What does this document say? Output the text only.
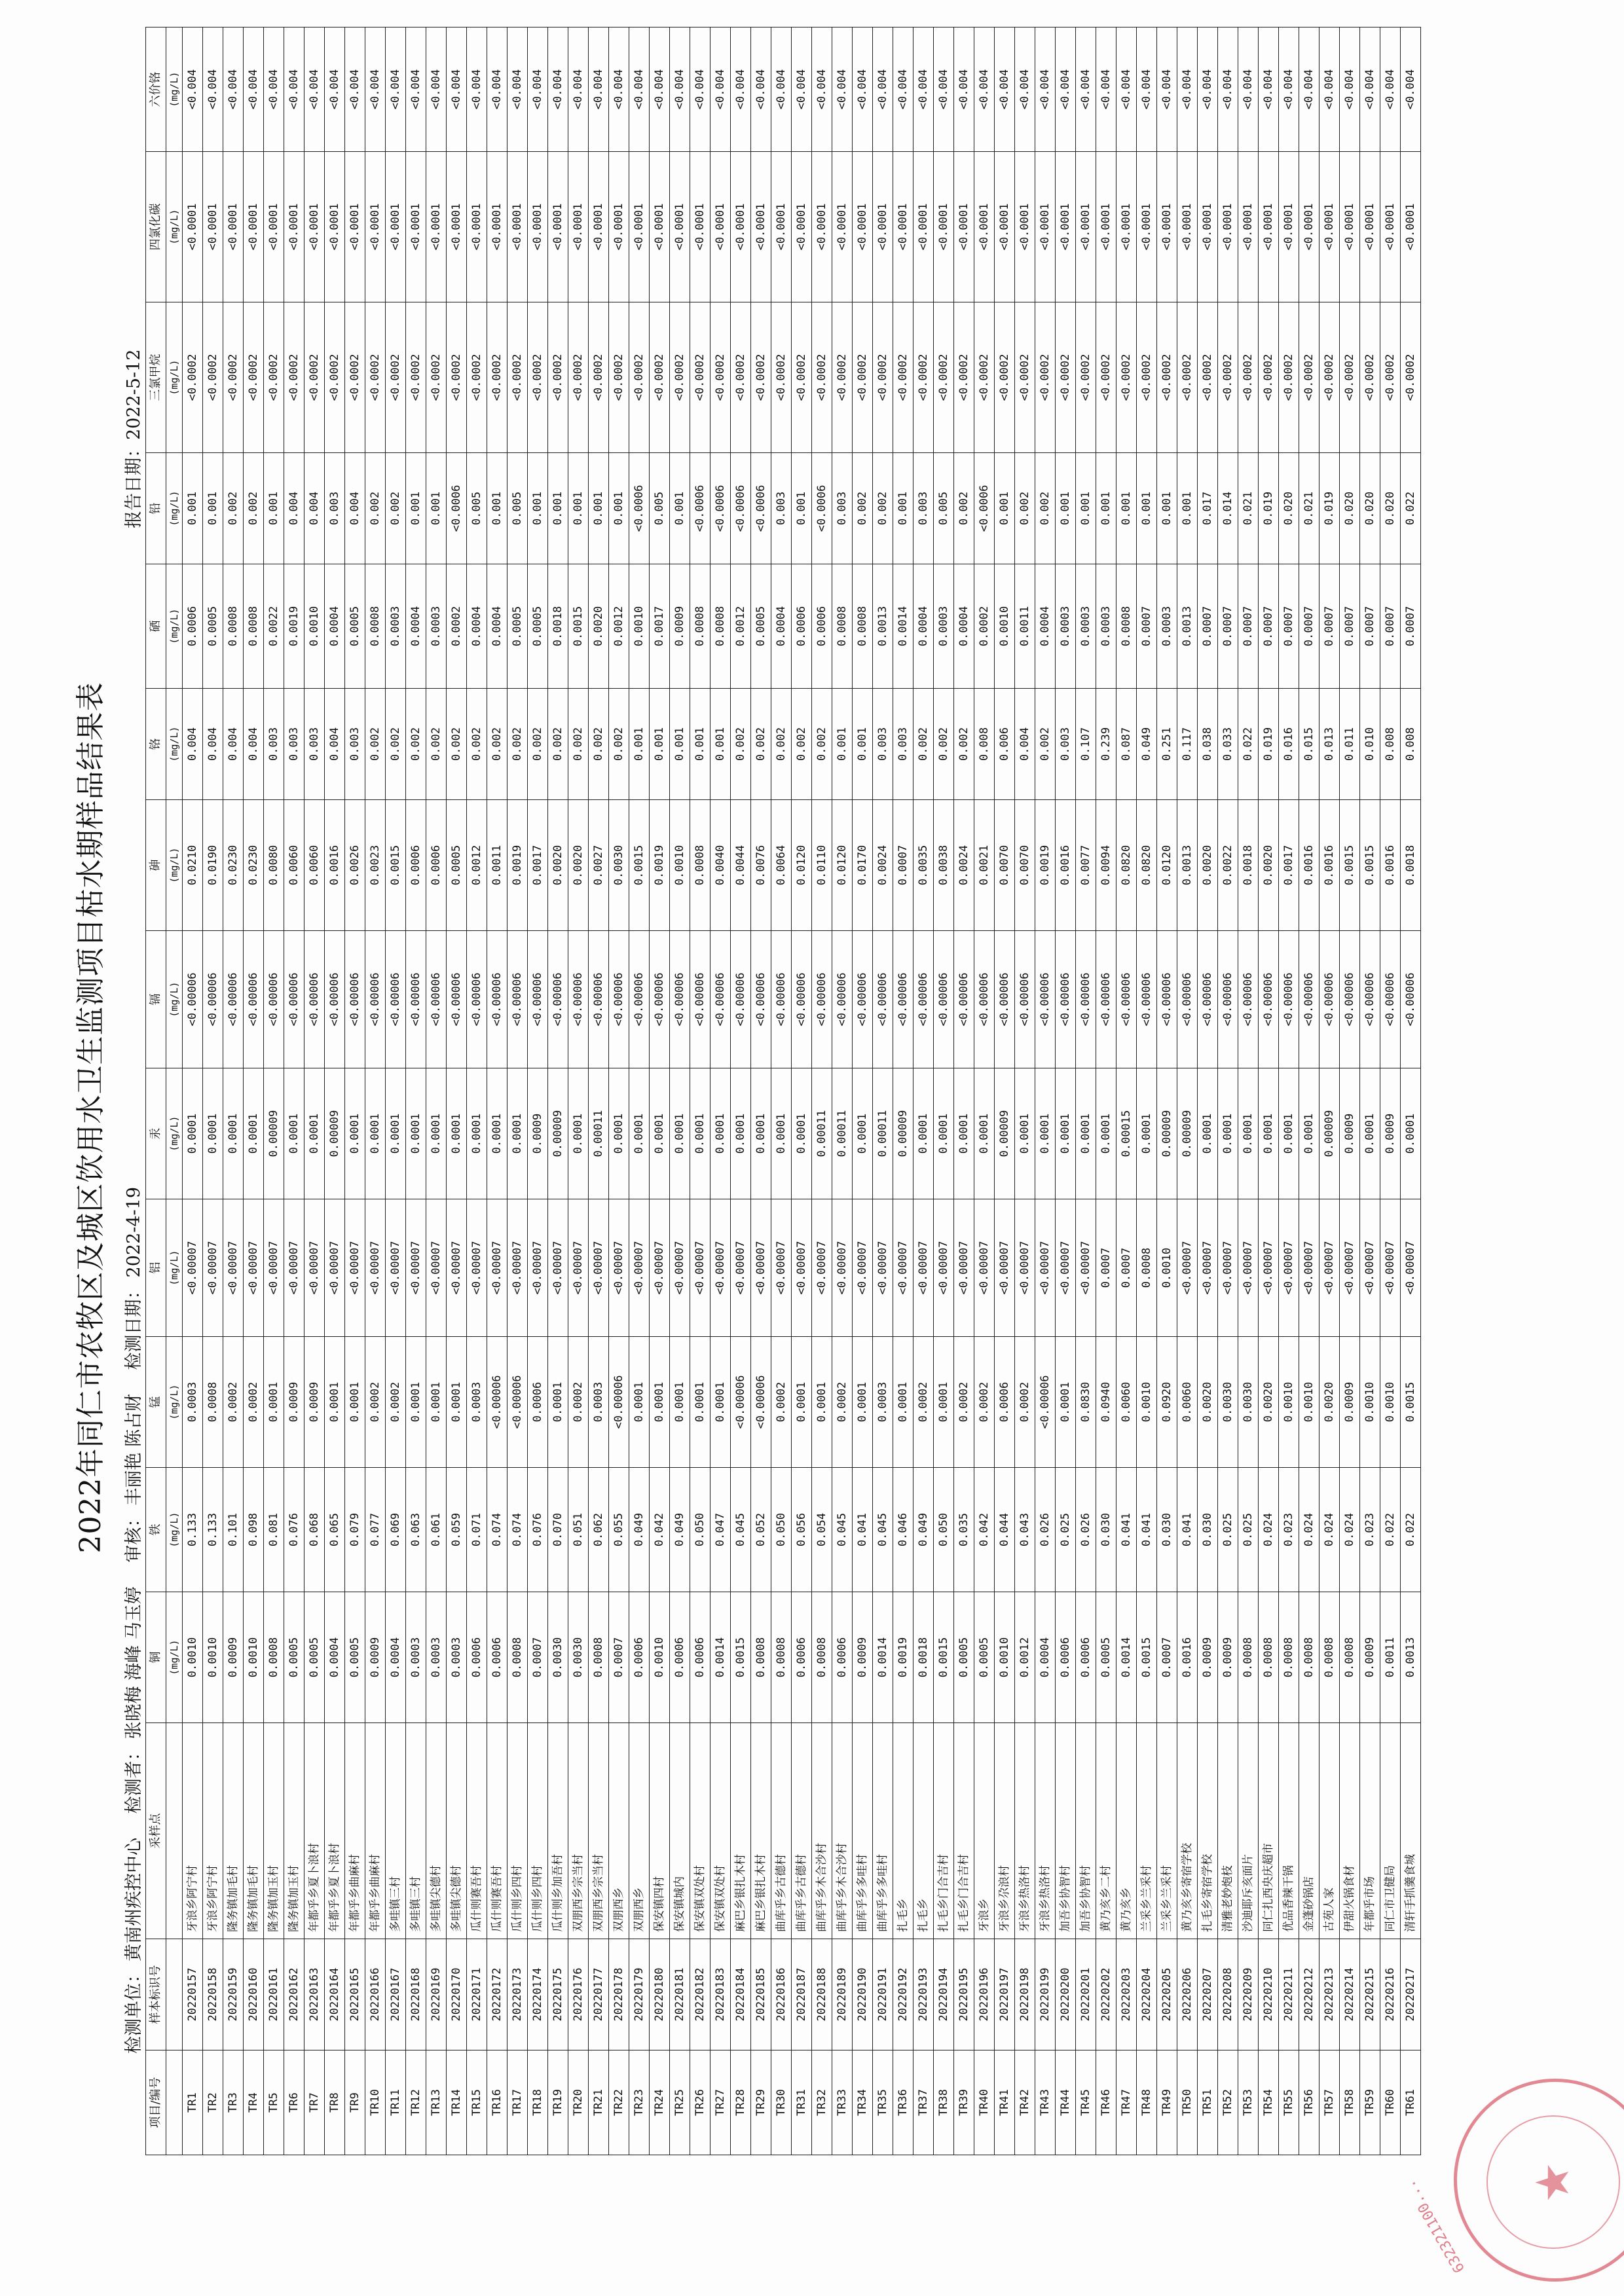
2022年同仁市农牧区及城区饮用水卫生监测项目枯水期样品结果表
检测单位：黄南州疾控中心 检测者：张晓梅 海峰 马玉婷 审核：丰丽艳 陈占财 检测日期：2022-4-19
报告日期：2022-5-12
项目/编号	样本标识号	采样点	铜	铁	锰	铝	汞	镉	砷	铬	硒	铅	三氯甲烷	四氯化碳	六价铬
			(mg/L)	(mg/L)	(mg/L)	(mg/L)	(mg/L)	(mg/L)	(mg/L)	(mg/L)	(mg/L)	(mg/L)	(mg/L)	(mg/L)	(mg/L)
TR1	20220157	牙浪乡阿宁村	0.0010	0.133	0.0003	<0.00007	0.0001	<0.00006	0.0210	0.004	0.0006	0.001	<0.0002	<0.0001	<0.004
TR2	20220158	牙浪乡阿宁村	0.0010	0.133	0.0008	<0.00007	0.0001	<0.00006	0.0190	0.004	0.0005	0.001	<0.0002	<0.0001	<0.004
TR3	20220159	隆务镇加毛村	0.0009	0.101	0.0002	<0.00007	0.0001	<0.00006	0.0230	0.004	0.0008	0.002	<0.0002	<0.0001	<0.004
TR4	20220160	隆务镇加毛村	0.0010	0.098	0.0002	<0.00007	0.0001	<0.00006	0.0230	0.004	0.0008	0.002	<0.0002	<0.0001	<0.004
TR5	20220161	隆务镇加玉村	0.0008	0.081	0.0001	<0.00007	0.00009	<0.00006	0.0080	0.003	0.0022	0.001	<0.0002	<0.0001	<0.004
TR6	20220162	隆务镇加玉村	0.0005	0.076	0.0009	<0.00007	0.0001	<0.00006	0.0060	0.003	0.0019	0.004	<0.0002	<0.0001	<0.004
TR7	20220163	年都乎乡夏卜浪村	0.0005	0.068	0.0009	<0.00007	0.0001	<0.00006	0.0060	0.003	0.0010	0.004	<0.0002	<0.0001	<0.004
TR8	20220164	年都乎乡夏卜浪村	0.0004	0.065	0.0001	<0.00007	0.00009	<0.00006	0.0016	0.004	0.0004	0.003	<0.0002	<0.0001	<0.004
TR9	20220165	年都乎乡曲麻村	0.0005	0.079	0.0001	<0.00007	0.0001	<0.00006	0.0026	0.003	0.0005	0.004	<0.0002	<0.0001	<0.004
TR10	20220166	年都乎乡曲麻村	0.0009	0.077	0.0002	<0.00007	0.0001	<0.00006	0.0023	0.002	0.0008	0.002	<0.0002	<0.0001	<0.004
TR11	20220167	多哇镇三村	0.0004	0.069	0.0002	<0.00007	0.0001	<0.00006	0.0015	0.002	0.0003	0.002	<0.0002	<0.0001	<0.004
TR12	20220168	多哇镇三村	0.0003	0.063	0.0001	<0.00007	0.0001	<0.00006	0.0006	0.002	0.0004	0.001	<0.0002	<0.0001	<0.004
TR13	20220169	多哇镇尖德村	0.0003	0.061	0.0001	<0.00007	0.0001	<0.00006	0.0006	0.002	0.0003	0.001	<0.0002	<0.0001	<0.004
TR14	20220170	多哇镇尖德村	0.0003	0.059	0.0001	<0.00007	0.0001	<0.00006	0.0005	0.002	0.0002	<0.0006	<0.0002	<0.0001	<0.004
TR15	20220171	瓜什则赛吾村	0.0006	0.071	0.0003	<0.00007	0.0001	<0.00006	0.0012	0.002	0.0004	0.005	<0.0002	<0.0001	<0.004
TR16	20220172	瓜什则赛吾村	0.0006	0.074	<0.00006	<0.00007	0.0001	<0.00006	0.0011	0.002	0.0004	0.001	<0.0002	<0.0001	<0.004
TR17	20220173	瓜什则乡四村	0.0008	0.074	<0.00006	<0.00007	0.0001	<0.00006	0.0019	0.002	0.0005	0.005	<0.0002	<0.0001	<0.004
TR18	20220174	瓜什则乡四村	0.0007	0.076	0.0006	<0.00007	0.0009	<0.00006	0.0017	0.002	0.0005	0.001	<0.0002	<0.0001	<0.004
TR19	20220175	瓜什则乡加吾村	0.0030	0.070	0.0001	<0.00007	0.00009	<0.00006	0.0020	0.002	0.0018	0.001	<0.0002	<0.0001	<0.004
TR20	20220176	双朋西乡宗当村	0.0030	0.051	0.0002	<0.00007	0.0001	<0.00006	0.0020	0.002	0.0015	0.001	<0.0002	<0.0001	<0.004
TR21	20220177	双朋西乡宗当村	0.0008	0.062	0.0003	<0.00007	0.00011	<0.00006	0.0027	0.002	0.0020	0.001	<0.0002	<0.0001	<0.004
TR22	20220178	双朋西乡	0.0007	0.055	<0.00006	<0.00007	0.0001	<0.00006	0.0030	0.002	0.0012	0.001	<0.0002	<0.0001	<0.004
TR23	20220179	双朋西乡	0.0006	0.049	0.0001	<0.00007	0.0001	<0.00006	0.0015	0.001	0.0010	<0.0006	<0.0002	<0.0001	<0.004
TR24	20220180	保安镇四村	0.0010	0.042	0.0001	<0.00007	0.0001	<0.00006	0.0019	0.001	0.0017	0.005	<0.0002	<0.0001	<0.004
TR25	20220181	保安镇城内	0.0006	0.049	0.0001	<0.00007	0.0001	<0.00006	0.0010	0.001	0.0009	0.001	<0.0002	<0.0001	<0.004
TR26	20220182	保安镇双处村	0.0006	0.050	0.0001	<0.00007	0.0001	<0.00006	0.0008	0.001	0.0008	<0.0006	<0.0002	<0.0001	<0.004
TR27	20220183	保安镇双处村	0.0014	0.047	0.0001	<0.00007	0.0001	<0.00006	0.0040	0.001	0.0008	<0.0006	<0.0002	<0.0001	<0.004
TR28	20220184	麻巴乡银扎木村	0.0015	0.045	<0.00006	<0.00007	0.0001	<0.00006	0.0044	0.002	0.0012	<0.0006	<0.0002	<0.0001	<0.004
TR29	20220185	麻巴乡银扎木村	0.0008	0.052	<0.00006	<0.00007	0.0001	<0.00006	0.0076	0.002	0.0005	<0.0006	<0.0002	<0.0001	<0.004
TR30	20220186	曲库乎乡古德村	0.0008	0.050	0.0002	<0.00007	0.0001	<0.00006	0.0064	0.002	0.0004	0.003	<0.0002	<0.0001	<0.004
TR31	20220187	曲库乎乡古德村	0.0006	0.056	0.0001	<0.00007	0.0001	<0.00006	0.0120	0.002	0.0006	0.001	<0.0002	<0.0001	<0.004
TR32	20220188	曲库乎乡木合沙村	0.0008	0.054	0.0001	<0.00007	0.00011	<0.00006	0.0110	0.002	0.0006	<0.0006	<0.0002	<0.0001	<0.004
TR33	20220189	曲库乎乡木合沙村	0.0006	0.045	0.0002	<0.00007	0.00011	<0.00006	0.0120	0.001	0.0008	0.003	<0.0002	<0.0001	<0.004
TR34	20220190	曲库乎乡多哇村	0.0009	0.041	0.0001	<0.00007	0.0001	<0.00006	0.0170	0.001	0.0008	0.002	<0.0002	<0.0001	<0.004
TR35	20220191	曲库乎乡多哇村	0.0014	0.045	0.0003	<0.00007	0.00011	<0.00006	0.0024	0.003	0.0013	0.002	<0.0002	<0.0001	<0.004
TR36	20220192	扎毛乡	0.0019	0.046	0.0001	<0.00007	0.00009	<0.00006	0.0007	0.003	0.0014	0.001	<0.0002	<0.0001	<0.004
TR37	20220193	扎毛乡	0.0018	0.049	0.0002	<0.00007	0.0001	<0.00006	0.0035	0.002	0.0004	0.003	<0.0002	<0.0001	<0.004
TR38	20220194	扎毛乡门合吉村	0.0015	0.050	0.0001	<0.00007	0.0001	<0.00006	0.0038	0.002	0.0003	0.005	<0.0002	<0.0001	<0.004
TR39	20220195	扎毛乡门合吉村	0.0005	0.035	0.0002	<0.00007	0.0001	<0.00006	0.0024	0.002	0.0004	0.002	<0.0002	<0.0001	<0.004
TR40	20220196	牙浪乡	0.0005	0.042	0.0002	<0.00007	0.0001	<0.00006	0.0021	0.008	0.0002	<0.0006	<0.0002	<0.0001	<0.004
TR41	20220197	牙浪乡尕浪村	0.0010	0.044	0.0006	<0.00007	0.00009	<0.00006	0.0070	0.006	0.0010	0.001	<0.0002	<0.0001	<0.004
TR42	20220198	牙浪乡热洛村	0.0012	0.043	0.0002	<0.00007	0.0001	<0.00006	0.0070	0.004	0.0011	0.002	<0.0002	<0.0001	<0.004
TR43	20220199	牙浪乡热洛村	0.0004	0.026	<0.00006	<0.00007	0.0001	<0.00006	0.0019	0.002	0.0004	0.002	<0.0002	<0.0001	<0.004
TR44	20220200	加吾乡协智村	0.0006	0.025	0.0001	<0.00007	0.0001	<0.00006	0.0016	0.003	0.0003	0.001	<0.0002	<0.0001	<0.004
TR45	20220201	加吾乡协智村	0.0006	0.026	0.0830	<0.00007	0.0001	<0.00006	0.0077	0.107	0.0003	0.001	<0.0002	<0.0001	<0.004
TR46	20220202	黄乃亥乡二村	0.0005	0.030	0.0940	0.0007	0.0001	<0.00006	0.0094	0.239	0.0003	0.001	<0.0002	<0.0001	<0.004
TR47	20220203	黄乃亥乡	0.0014	0.041	0.0060	0.0007	0.00015	<0.00006	0.0820	0.087	0.0008	0.001	<0.0002	<0.0001	<0.004
TR48	20220204	兰采乡兰采村	0.0015	0.041	0.0010	0.0008	0.0001	<0.00006	0.0820	0.049	0.0007	0.001	<0.0002	<0.0001	<0.004
TR49	20220205	兰采乡兰采村	0.0007	0.030	0.0920	0.0010	0.00009	<0.00006	0.0120	0.251	0.0003	0.001	<0.0002	<0.0001	<0.004
TR50	20220206	黄乃亥乡寄宿学校	0.0016	0.041	0.0060	<0.00007	0.00009	<0.00006	0.0013	0.117	0.0013	0.001	<0.0002	<0.0001	<0.004
TR51	20220207	扎毛乡寄宿学校	0.0009	0.030	0.0020	<0.00007	0.0001	<0.00006	0.0020	0.038	0.0007	0.017	<0.0002	<0.0001	<0.004
TR52	20220208	清雅老妙炮枝	0.0009	0.025	0.0030	<0.00007	0.0001	<0.00006	0.0022	0.033	0.0007	0.014	<0.0002	<0.0001	<0.004
TR53	20220209	沙迪耶斥亥面片	0.0008	0.025	0.0030	<0.00007	0.0001	<0.00006	0.0018	0.022	0.0007	0.021	<0.0002	<0.0001	<0.004
TR54	20220210	同仁扎西央庆超市	0.0008	0.024	0.0020	<0.00007	0.0001	<0.00006	0.0020	0.019	0.0007	0.019	<0.0002	<0.0001	<0.004
TR55	20220211	优品香辣干锅	0.0008	0.023	0.0010	<0.00007	0.0001	<0.00006	0.0017	0.016	0.0007	0.020	<0.0002	<0.0001	<0.004
TR56	20220212	金蓬砂锅店	0.0008	0.024	0.0010	<0.00007	0.0001	<0.00006	0.0016	0.015	0.0007	0.021	<0.0002	<0.0001	<0.004
TR57	20220213	古苑人家	0.0008	0.024	0.0020	<0.00007	0.00009	<0.00006	0.0016	0.013	0.0007	0.019	<0.0002	<0.0001	<0.004
TR58	20220214	伊甜火锅食材	0.0008	0.024	0.0009	<0.00007	0.0009	<0.00006	0.0015	0.011	0.0007	0.020	<0.0002	<0.0001	<0.004
TR59	20220215	年都乎市场	0.0009	0.023	0.0010	<0.00007	0.0001	<0.00006	0.0015	0.010	0.0007	0.020	<0.0002	<0.0001	<0.004
TR60	20220216	同仁市卫健局	0.0011	0.022	0.0010	<0.00007	0.0009	<0.00006	0.0016	0.008	0.0007	0.020	<0.0002	<0.0001	<0.004
TR61	20220217	清轩手抓羹食城	0.0013	0.022	0.0015	<0.00007	0.0001	<0.00006	0.0018	0.008	0.0007	0.022	<0.0002	<0.0001	<0.004
★
632321100...
